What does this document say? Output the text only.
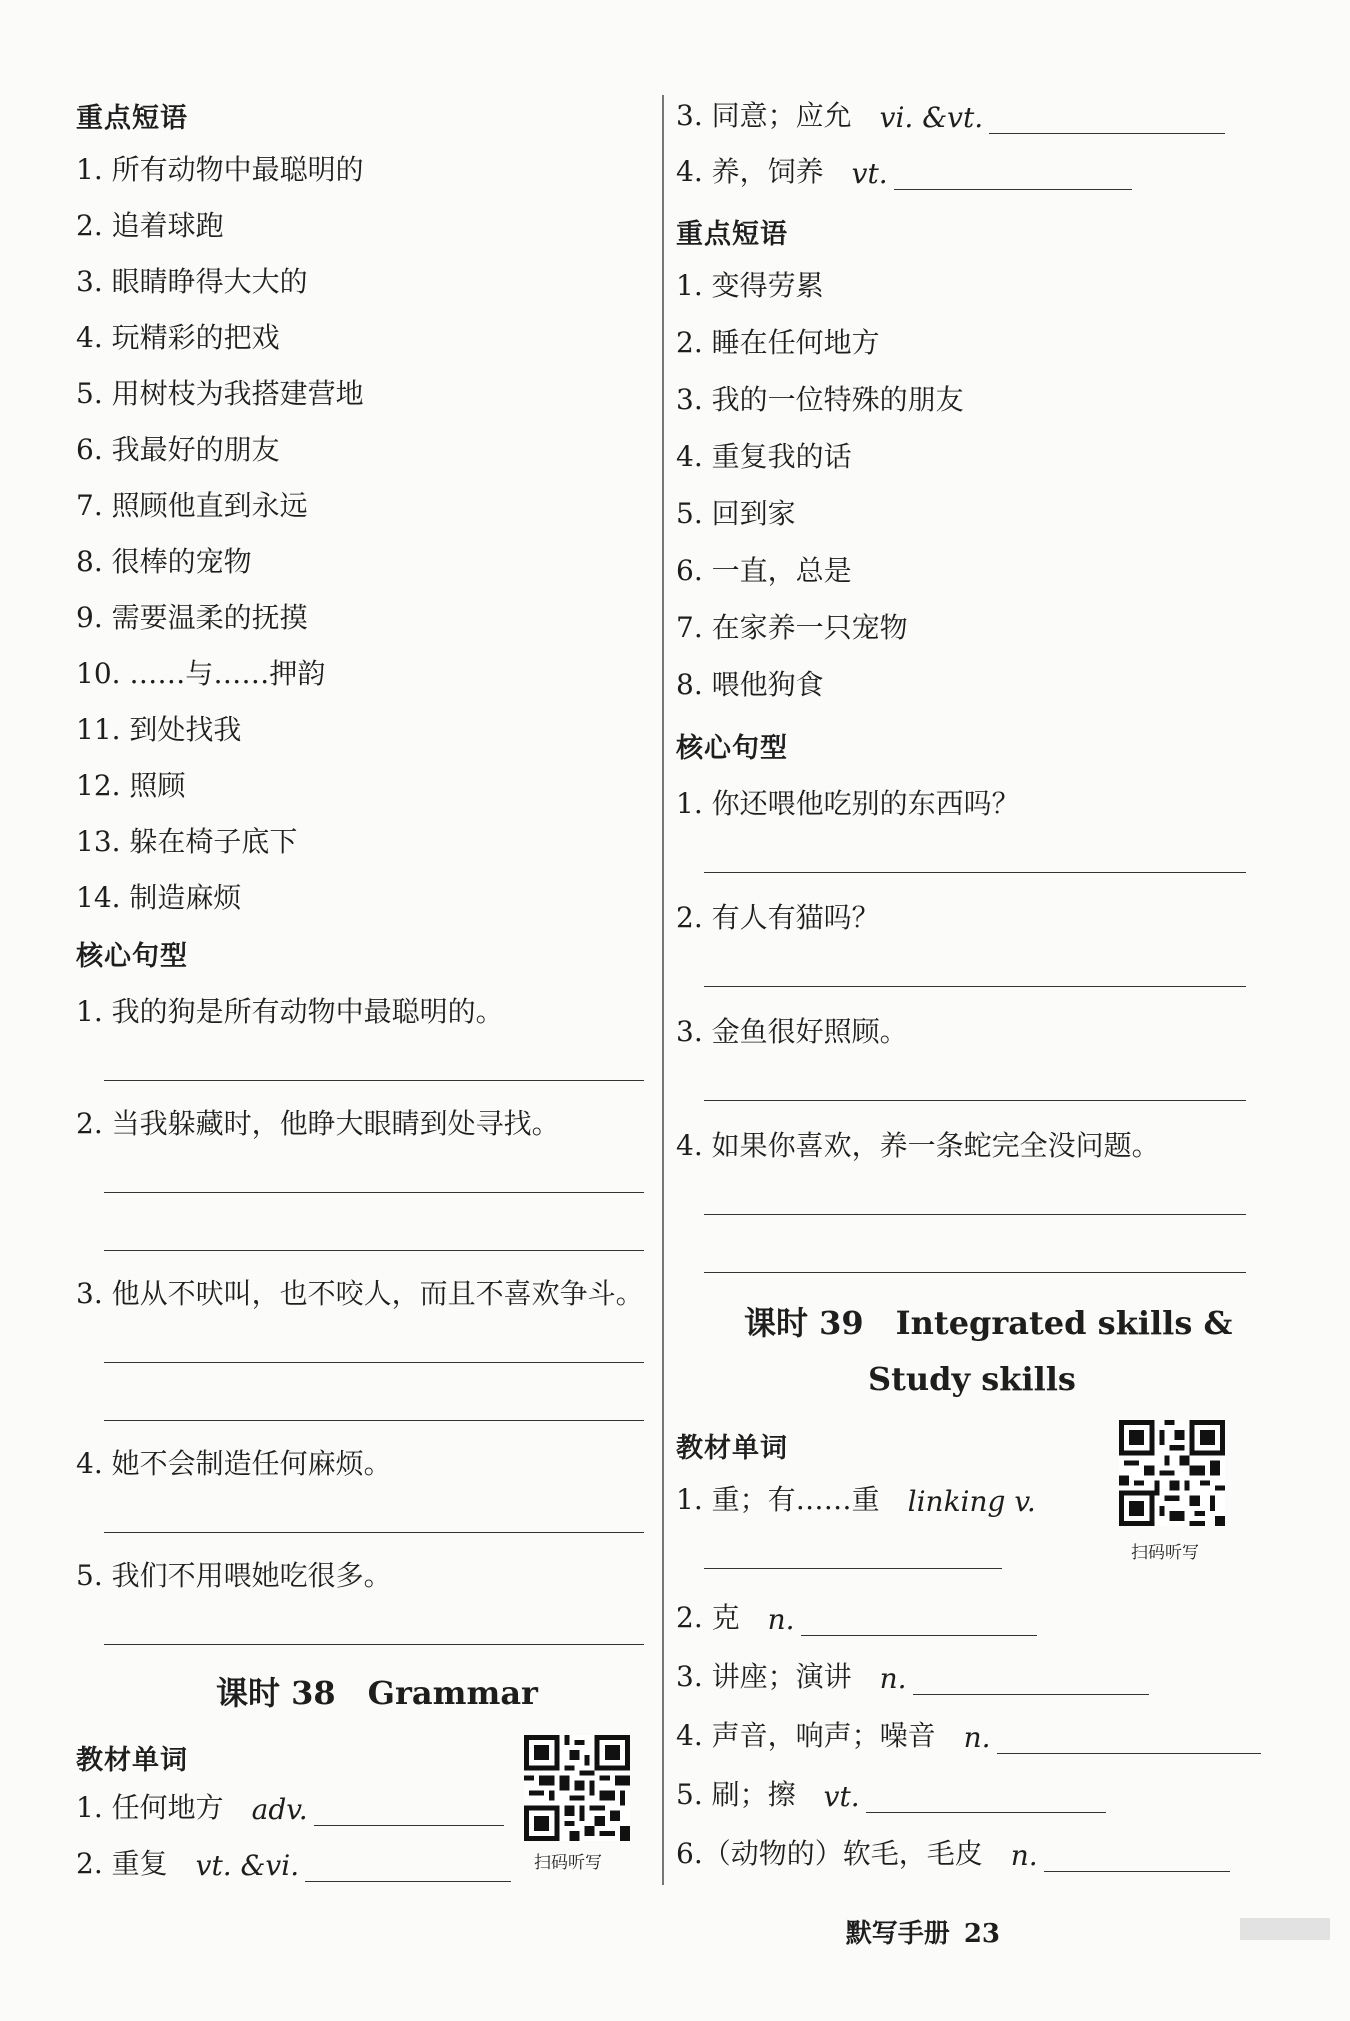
重点短语
1. 所有动物中最聪明的
2. 追着球跑
3. 眼睛睁得大大的
4. 玩精彩的把戏
5. 用树枝为我搭建营地
6. 我最好的朋友
7. 照顾他直到永远
8. 很棒的宠物
9. 需要温柔的抚摸
10. ……与……押韵
11. 到处找我
12. 照顾
13. 躲在椅子底下
14. 制造麻烦
核心句型
1. 我的狗是所有动物中最聪明的。
2. 当我躲藏时，他睁大眼睛到处寻找。
3. 他从不吠叫，也不咬人，而且不喜欢争斗。
4. 她不会制造任何麻烦。
5. 我们不用喂她吃很多。
课时 38　Grammar
教材单词
1. 任何地方 adv.
2. 重复 vt. &vi.	扫码听写
3. 同意；应允 vi. &vt.
4. 养，饲养 vt.
重点短语
1. 变得劳累
2. 睡在任何地方
3. 我的一位特殊的朋友
4. 重复我的话
5. 回到家
6. 一直，总是
7. 在家养一只宠物
8. 喂他狗食
核心句型
1. 你还喂他吃别的东西吗？
2. 有人有猫吗？
3. 金鱼很好照顾。
4. 如果你喜欢，养一条蛇完全没问题。
课时 39　Integrated skills &
Study skills
教材单词
1. 重；有……重 linking v.
2. 克 n.
3. 讲座；演讲 n.
4. 声音，响声；噪音 n.
5. 刷；擦 vt.
6.（动物的）软毛，毛皮 n.
扫码听写
默写手册 23
